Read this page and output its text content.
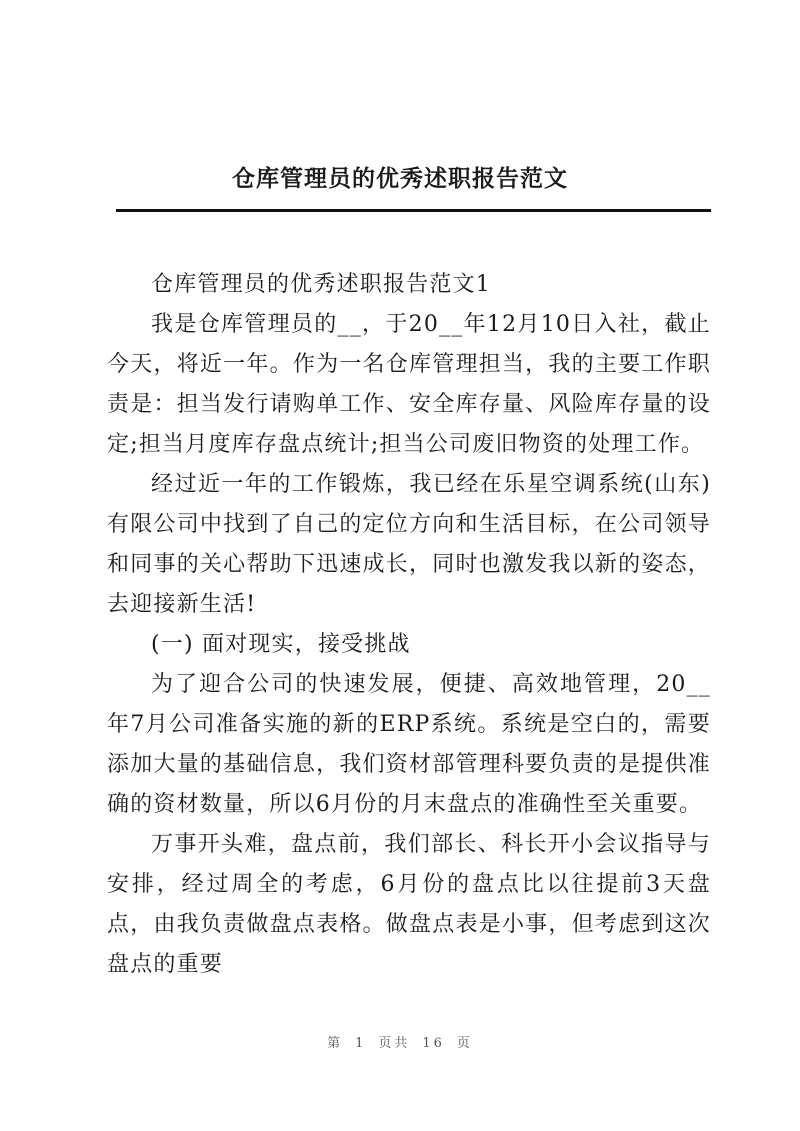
仓库管理员的优秀述职报告范文

仓库管理员的优秀述职报告范文1

我是仓库管理员的__，于20__年12月10日入社，截止今天，将近一年。作为一名仓库管理担当，我的主要工作职责是：担当发行请购单工作、安全库存量、风险库存量的设定;担当月度库存盘点统计;担当公司废旧物资的处理工作。

经过近一年的工作锻炼，我已经在乐星空调系统(山东)有限公司中找到了自己的定位方向和生活目标，在公司领导和同事的关心帮助下迅速成长，同时也激发我以新的姿态，去迎接新生活!

(一) 面对现实，接受挑战

为了迎合公司的快速发展，便捷、高效地管理，20__年7月公司准备实施的新的ERP系统。系统是空白的，需要添加大量的基础信息，我们资材部管理科要负责的是提供准确的资材数量，所以6月份的月末盘点的准确性至关重要。

万事开头难，盘点前，我们部长、科长开小会议指导与安排，经过周全的考虑，6月份的盘点比以往提前3天盘点，由我负责做盘点表格。做盘点表是小事，但考虑到这次盘点的重要

第 1 页共 16 页
